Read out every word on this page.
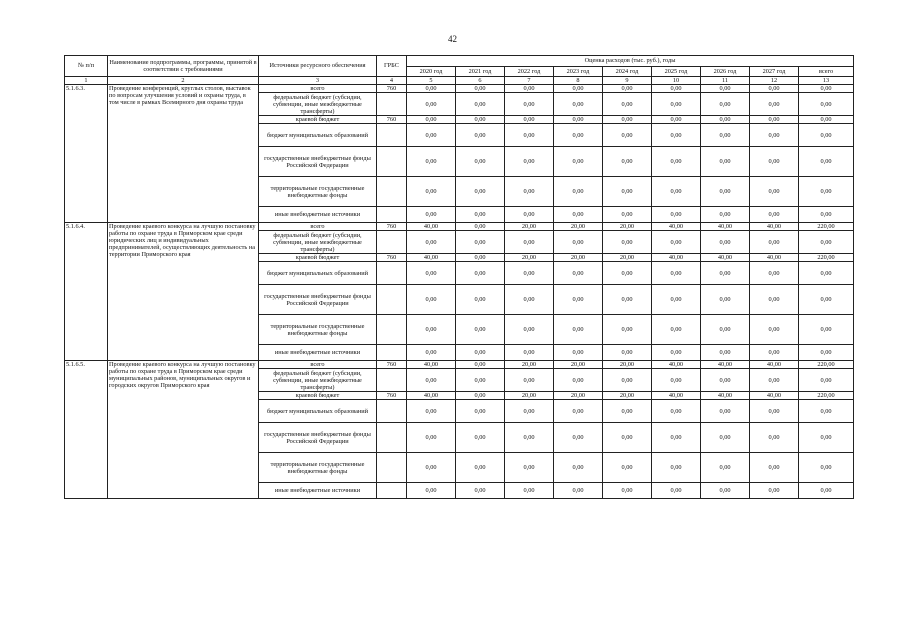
42
№ п/п	Наименование подпрограммы, программы, принятой в соответствии с требованиями	Источники ресурсного обеспечения	ГРБС	Оценка расходов (тыс. руб.), годы								
				2020 год	2021 год	2022 год	2023 год	2024 год	2025 год	2026 год	2027 год	всего
1	2	3	4	5	6	7	8	9	10	11	12	13
5.1.6.3.	Проведение конференций, круглых столов, выставок по вопросам улучшения условий и охраны труда, в том числе в рамках Всемирного дня охраны труда	всего	760	0,00	0,00	0,00	0,00	0,00	0,00	0,00	0,00	0,00
		федеральный бюджет (субсидии, субвенции, иные межбюджетные трансферты)		0,00	0,00	0,00	0,00	0,00	0,00	0,00	0,00	0,00
		краевой бюджет	760	0,00	0,00	0,00	0,00	0,00	0,00	0,00	0,00	0,00
		бюджет муниципальных образований		0,00	0,00	0,00	0,00	0,00	0,00	0,00	0,00	0,00
		государственные внебюджетные фонды Российской Федерации		0,00	0,00	0,00	0,00	0,00	0,00	0,00	0,00	0,00
		территориальные государственные внебюджетные фонды		0,00	0,00	0,00	0,00	0,00	0,00	0,00	0,00	0,00
		иные внебюджетные источники		0,00	0,00	0,00	0,00	0,00	0,00	0,00	0,00	0,00
5.1.6.4.	Проведение краевого конкурса на лучшую постановку работы по охране труда в Приморском крае среди юридических лиц и индивидуальных предпринимателей, осуществляющих деятельность на территории Приморского края	всего	760	40,00	0,00	20,00	20,00	20,00	40,00	40,00	40,00	220,00
		федеральный бюджет (субсидии, субвенции, иные межбюджетные трансферты)		0,00	0,00	0,00	0,00	0,00	0,00	0,00	0,00	0,00
		краевой бюджет	760	40,00	0,00	20,00	20,00	20,00	40,00	40,00	40,00	220,00
		бюджет муниципальных образований		0,00	0,00	0,00	0,00	0,00	0,00	0,00	0,00	0,00
		государственные внебюджетные фонды Российской Федерации		0,00	0,00	0,00	0,00	0,00	0,00	0,00	0,00	0,00
		территориальные государственные внебюджетные фонды		0,00	0,00	0,00	0,00	0,00	0,00	0,00	0,00	0,00
		иные внебюджетные источники		0,00	0,00	0,00	0,00	0,00	0,00	0,00	0,00	0,00
5.1.6.5.	Проведение краевого конкурса на лучшую постановку работы по охране труда в Приморском крае среди муниципальных районов, муниципальных округов и городских округов Приморского края	всего	760	40,00	0,00	20,00	20,00	20,00	40,00	40,00	40,00	220,00
		федеральный бюджет (субсидии, субвенции, иные межбюджетные трансферты)		0,00	0,00	0,00	0,00	0,00	0,00	0,00	0,00	0,00
		краевой бюджет	760	40,00	0,00	20,00	20,00	20,00	40,00	40,00	40,00	220,00
		бюджет муниципальных образований		0,00	0,00	0,00	0,00	0,00	0,00	0,00	0,00	0,00
		государственные внебюджетные фонды Российской Федерации		0,00	0,00	0,00	0,00	0,00	0,00	0,00	0,00	0,00
		территориальные государственные внебюджетные фонды		0,00	0,00	0,00	0,00	0,00	0,00	0,00	0,00	0,00
		иные внебюджетные источники		0,00	0,00	0,00	0,00	0,00	0,00	0,00	0,00	0,00
